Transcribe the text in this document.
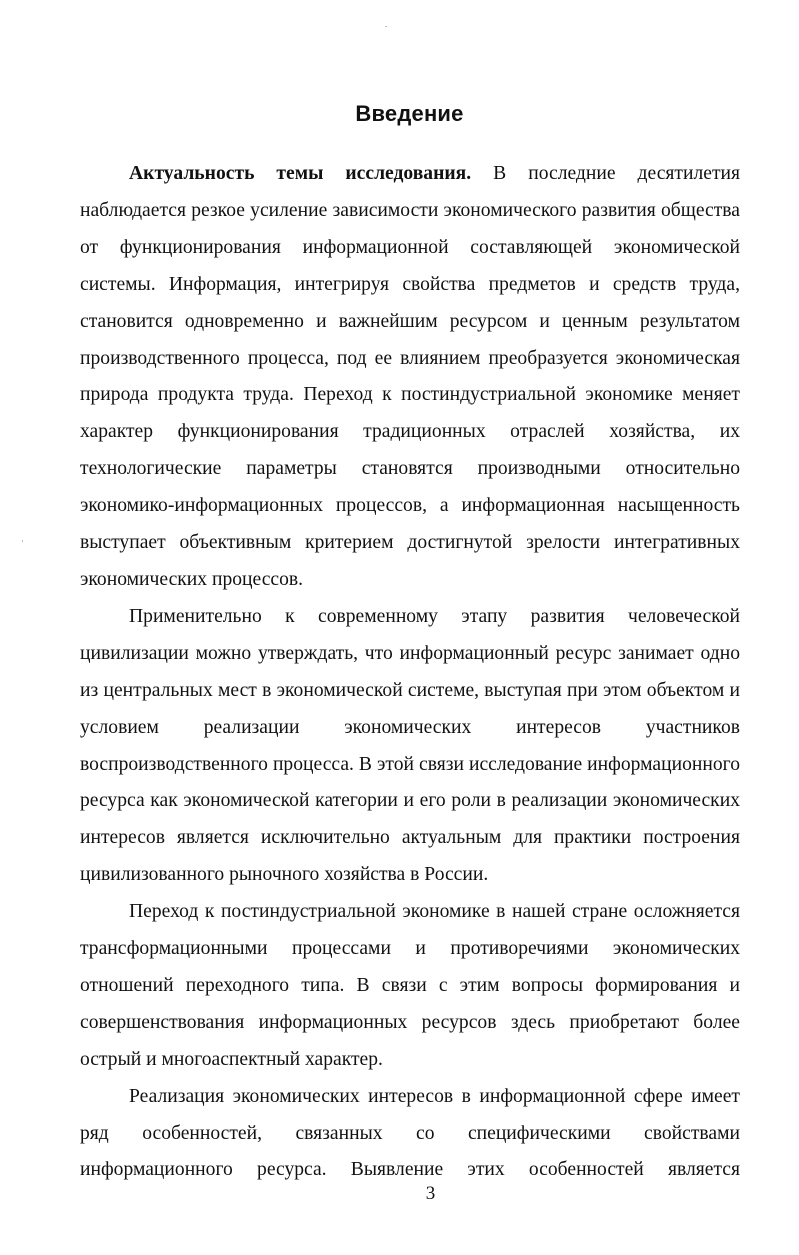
Введение

Актуальность темы исследования. В последние десятилетия наблюдается резкое усиление зависимости экономического развития общества от функционирования информационной составляющей экономической системы. Информация, интегрируя свойства предметов и средств труда, становится одновременно и важнейшим ресурсом и ценным результатом производственного процесса, под ее влиянием преобразуется экономическая природа продукта труда. Переход к постиндустриальной экономике меняет характер функционирования традиционных отраслей хозяйства, их технологические параметры становятся производными относительно экономико-информационных процессов, а информационная насыщенность выступает объективным критерием достигнутой зрелости интегративных экономических процессов.

Применительно к современному этапу развития человеческой цивилизации можно утверждать, что информационный ресурс занимает одно из центральных мест в экономической системе, выступая при этом объектом и условием реализации экономических интересов участников воспроизводственного процесса. В этой связи исследование информационного ресурса как экономической категории и его роли в реализации экономических интересов является исключительно актуальным для практики построения цивилизованного рыночного хозяйства в России.

Переход к постиндустриальной экономике в нашей стране осложняется трансформационными процессами и противоречиями экономических отношений переходного типа. В связи с этим вопросы формирования и совершенствования информационных ресурсов здесь приобретают более острый и многоаспектный характер.

Реализация экономических интересов в информационной сфере имеет ряд особенностей, связанных со специфическими свойствами информационного ресурса. Выявление этих особенностей является

3
